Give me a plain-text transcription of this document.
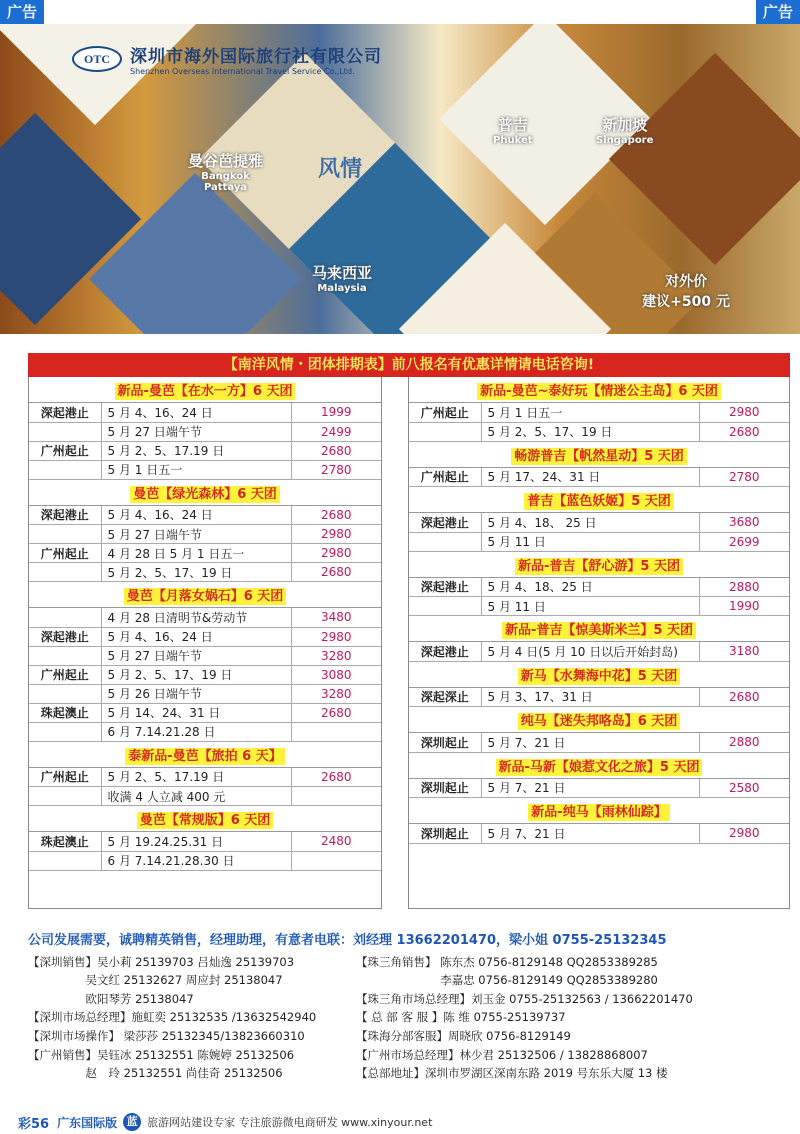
广告	广告
OTC	深圳市海外国际旅行社有限公司
Shenzhen Overseas International Travel Service Co.,Ltd.
曼谷芭提雅
Bangkok
Pattaya
风情
普吉
Phuket
新加坡
Singapore
马来西亚
Malaysia	对外价
建议+500 元
【南洋风情・团体排期表】前八报名有优惠详情请电话咨询!
新品-曼芭【在水一方】6 天团
深起港止	5 月 4、16、24 日	1999
	5 月 27 日端午节	2499
广州起止	5 月 2、5、17.19 日	2680
	5 月 1 日五一	2780
曼芭【绿光森林】6 天团
深起港止	5 月 4、16、24 日	2680
	5 月 27 日端午节	2980
广州起止	4 月 28 日 5 月 1 日五一	2980
	5 月 2、5、17、19 日	2680
曼芭【月落女娲石】6 天团
	4 月 28 日清明节&劳动节	3480
深起港止	5 月 4、16、24 日	2980
	5 月 27 日端午节	3280
广州起止	5 月 2、5、17、19 日	3080
	5 月 26 日端午节	3280
珠起澳止	5 月 14、24、31 日	2680
	6 月 7.14.21.28 日	
泰新品-曼芭【旅拍 6 天】
广州起止	5 月 2、5、17.19 日	2680
	收满 4 人立减 400 元	
曼芭【常规版】6 天团
珠起澳止	5 月 19.24.25.31 日	2480
	6 月 7.14.21.28.30 日	
新品-曼芭~泰好玩【情迷公主岛】6 天团
广州起止	5 月 1 日五一	2980
	5 月 2、5、17、19 日	2680
畅游普吉【帆然星动】5 天团
广州起止	5 月 17、24、31 日	2780
普吉【蓝色妖姬】5 天团
深起港止	5 月 4、18、 25 日	3680
	5 月 11 日	2699
新品-普吉【舒心游】5 天团
深起港止	5 月 4、18、25 日	2880
	5 月 11 日	1990
新品-普吉【惊美斯米兰】5 天团
深起港止	5 月 4 日(5 月 10 日以后开始封岛)	3180
新马【水舞海中花】5 天团
深起深止	5 月 3、17、31 日	2680
纯马【迷失邦咯岛】6 天团
深圳起止	5 月 7、21 日	2880
新品-马新【娘惹文化之旅】5 天团
深圳起止	5 月 7、21 日	2580
新品-纯马【雨林仙踪】
深圳起止	5 月 7、21 日	2980
公司发展需要，诚聘精英销售，经理助理，有意者电联：刘经理 13662201470，梁小姐 0755-25132345
【深圳销售】吴小莉 25139703 吕灿逸 25139703	【珠三角销售】 陈东杰 0756-8129148 QQ2853389285
　　　　　吴文红 25132627 周应封 25138047	　　　　　　　 李嘉忠 0756-8129149 QQ2853389280
　　　　　欧阳琴芳 25138047	【珠三角市场总经理】刘玉金 0755-25132563 / 13662201470
【深圳市场总经理】施虹奕 25132535 /13632542940	【 总 部 客 服 】陈 维 0755-25139737
【深圳市场操作】 梁莎莎 25132345/13823660310	【珠海分部客服】周晓欣 0756-8129149
【广州销售】吴钰冰 25132551 陈婉婷 25132506	【广州市场总经理】林少君 25132506 / 13828868007
　　　　　赵　玲 25132551 尚佳奇 25132506	【总部地址】深圳市罗湖区深南东路 2019 号东乐大厦 13 楼
彩56 广东国际版 蓝 旅游网站建设专家 专注旅游微电商研发 www.xinyour.net
